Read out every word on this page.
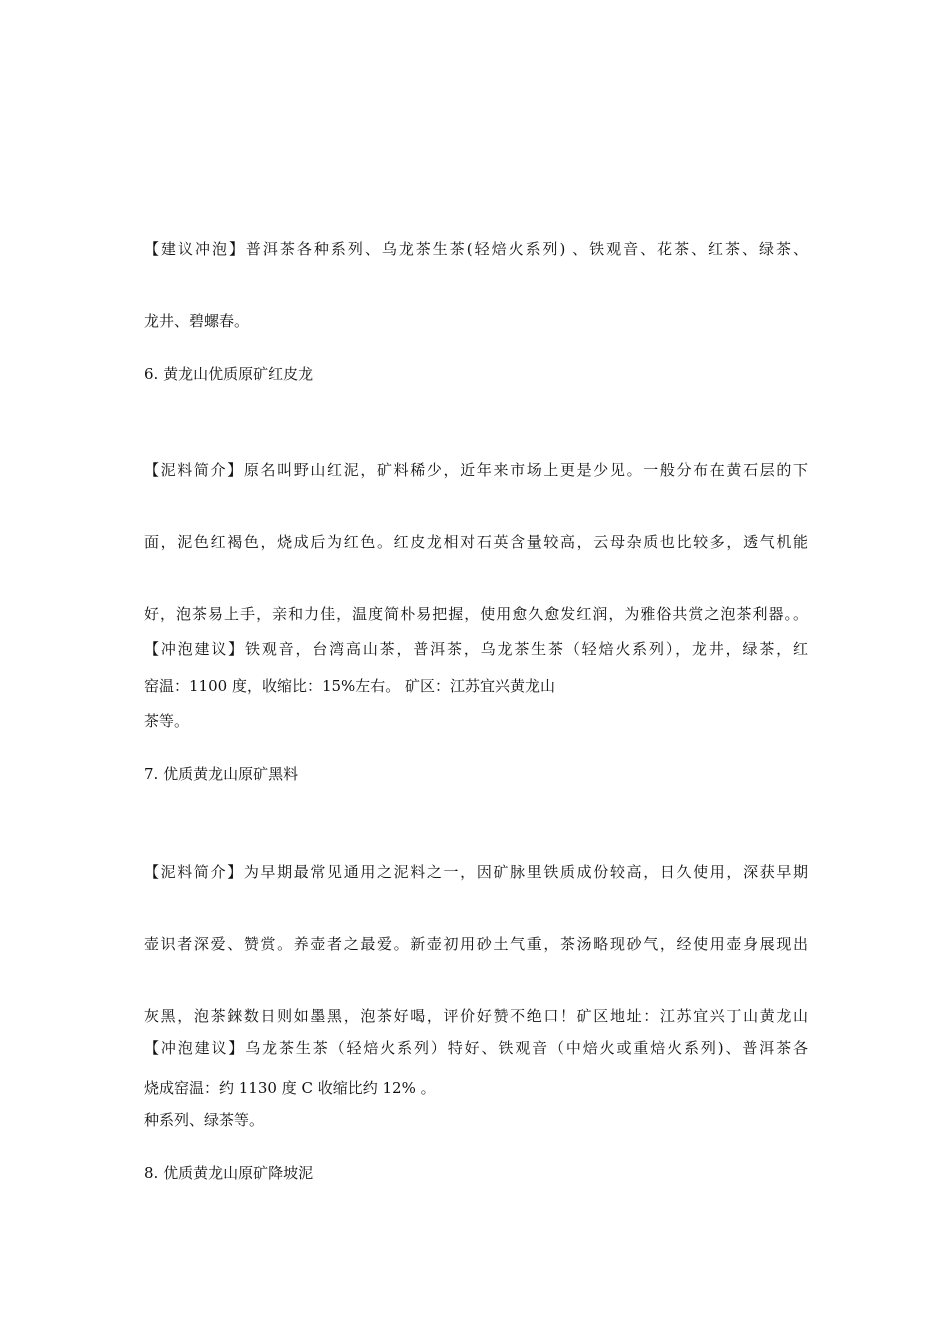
【建议冲泡】普洱茶各种系列、乌龙茶生茶(轻焙火系列) 、铁观音、花茶、红茶、绿茶、

龙井、碧螺春。

6. 黄龙山优质原矿红皮龙

【泥料简介】原名叫野山红泥，矿料稀少，近年来市场上更是少见。一般分布在黄石层的下

面，泥色红褐色，烧成后为红色。红皮龙相对石英含量较高，云母杂质也比较多，透气机能

好，泡茶易上手，亲和力佳，温度简朴易把握，使用愈久愈发红润，为雅俗共赏之泡茶利器。。

窑温：1100 度，收缩比：15%左右。 矿区：江苏宜兴黄龙山

【冲泡建议】铁观音，台湾高山茶，普洱茶，乌龙茶生茶（轻焙火系列），龙井，绿茶，红

茶等。

7. 优质黄龙山原矿黑料

【泥料简介】为早期最常见通用之泥料之一，因矿脉里铁质成份较高，日久使用，深获早期

壶识者深爱、赞赏。养壶者之最爱。新壶初用砂土气重，茶汤略现砂气，经使用壶身展现出

灰黑，泡茶錸数日则如墨黑，泡茶好喝，评价好赞不绝口！矿区地址：江苏宜兴丁山黄龙山

烧成窑温：约 1130 度 C 收缩比约 12% 。

【冲泡建议】乌龙茶生茶（轻焙火系列）特好、铁观音（中焙火或重焙火系列)、普洱茶各

种系列、绿茶等。

8. 优质黄龙山原矿降坡泥
